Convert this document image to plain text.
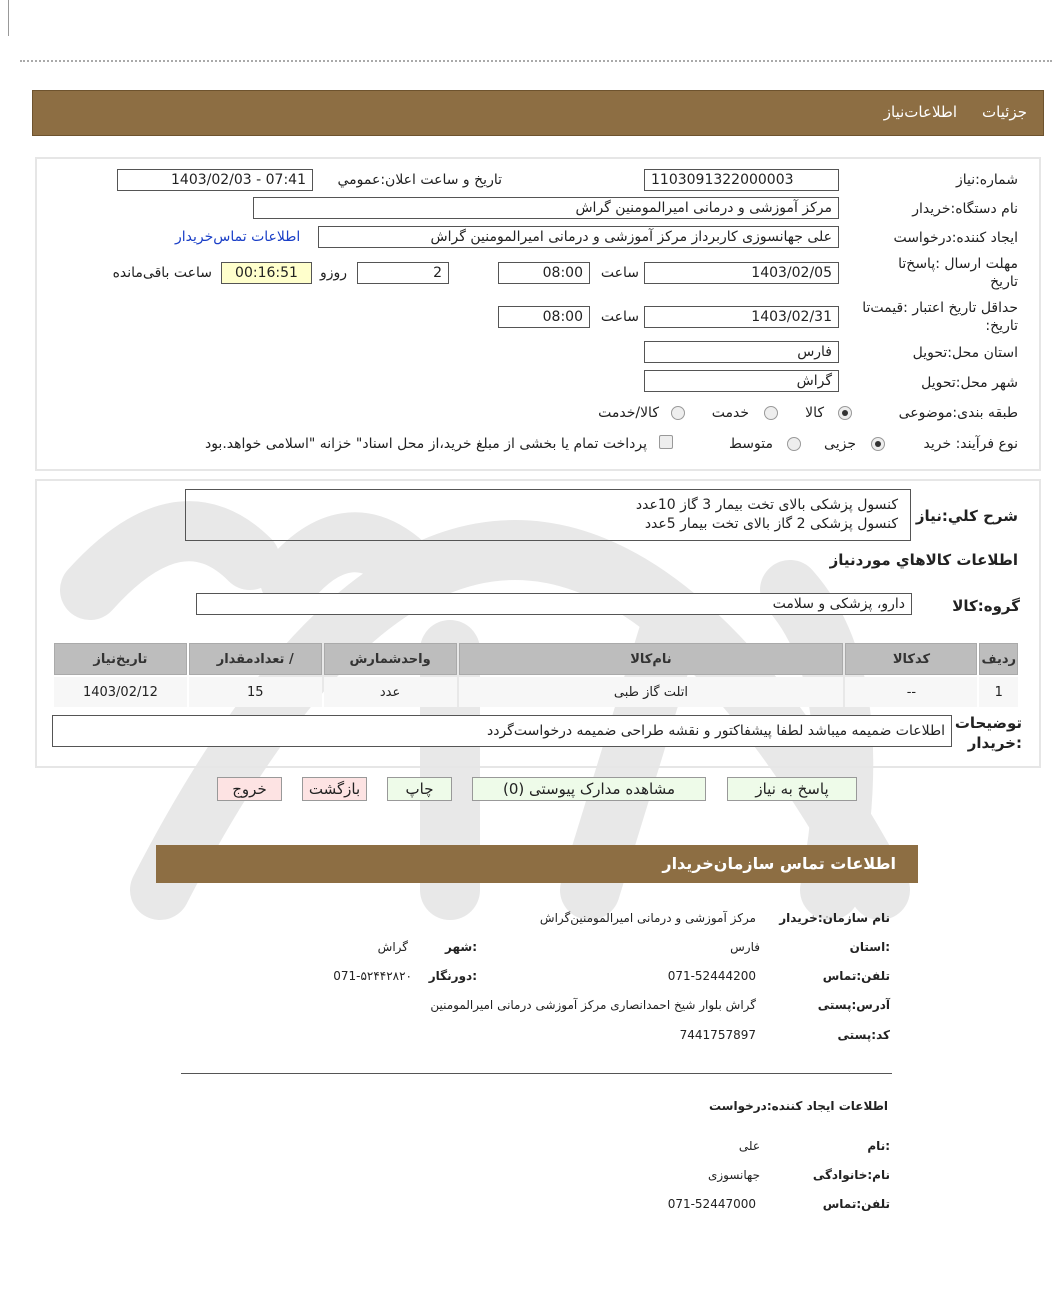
جزئیات
اطلاعات‌نیاز
شماره:نیاز
1103091322000003
تاريخ و ساعت اعلان:عمومي
1403/02/03 - 07:41
نام دستگاه:خریدار
مرکز آموزشی و درمانی امیرالمومنین گراش
ایجاد کننده:درخواست
علی جهانسوزی کاربرداز مرکز آموزشی و درمانی امیرالمومنین گراش
اطلاعات تماس‌خریدار
مهلت ارسال :پاسخ‌تا
تاریخ
1403/02/05
ساعت
08:00
2
روزو
00:16:51
ساعت باقی‌مانده
حداقل تاریخ اعتبار :قیمت‌تا
تاریخ:
1403/02/31
ساعت
08:00
استان محل:تحویل
فارس
شهر محل:تحویل
گراش
طبقه بندی:موضوعی
کالا
خدمت
کالا/خدمت
نوع فرآیند: خرید
جزیی
متوسط
پرداخت تمام یا بخشی از مبلغ خرید،از محل اسناد" خزانه "اسلامی خواهد.بود
شرح کلي:نیاز
کنسول پزشکی بالای تخت بیمار 3 گاز 10عدد
کنسول پزشکی 2 گاز بالای تخت بیمار 5عدد
اطلاعات کالاهاي موردنياز
گروه:کالا
دارو، پزشکی و سلامت
ردیف	کدکالا	نام‌کالا	واحدشمارش	/ تعدادمقدار	تاریخ‌نیاز
1	--	اتلت گاز طبی	عدد	15	1403/02/12
توضیحات
:خریدار
اطلاعات ضمیمه میباشد لطفا پیشفاکتور و نقشه طراحی ضمیمه درخواست‌گردد
پاسخ به نیاز
مشاهده مدارک پیوستی (0)
چاپ
بازگشت
خروج
اطلاعات تماس سازمان‌خریدار
نام سازمان:خریدار
مرکز آموزشی و درمانی امیرالمومنین‌گراش
:استان
فارس
:شهر
گراش
تلفن:تماس
071-52444200
:دورنگار
071-۵۲۴۴۲۸۲۰
آدرس:پستی
گراش بلوار شیخ احمدانصاری مرکز آموزشی درمانی امیرالمومنین
کد:پستی
7441757897
اطلاعات ایجاد کننده:درخواست
:نام
علی
نام:خانوادگی
جهانسوزی
تلفن:تماس
071-52447000
